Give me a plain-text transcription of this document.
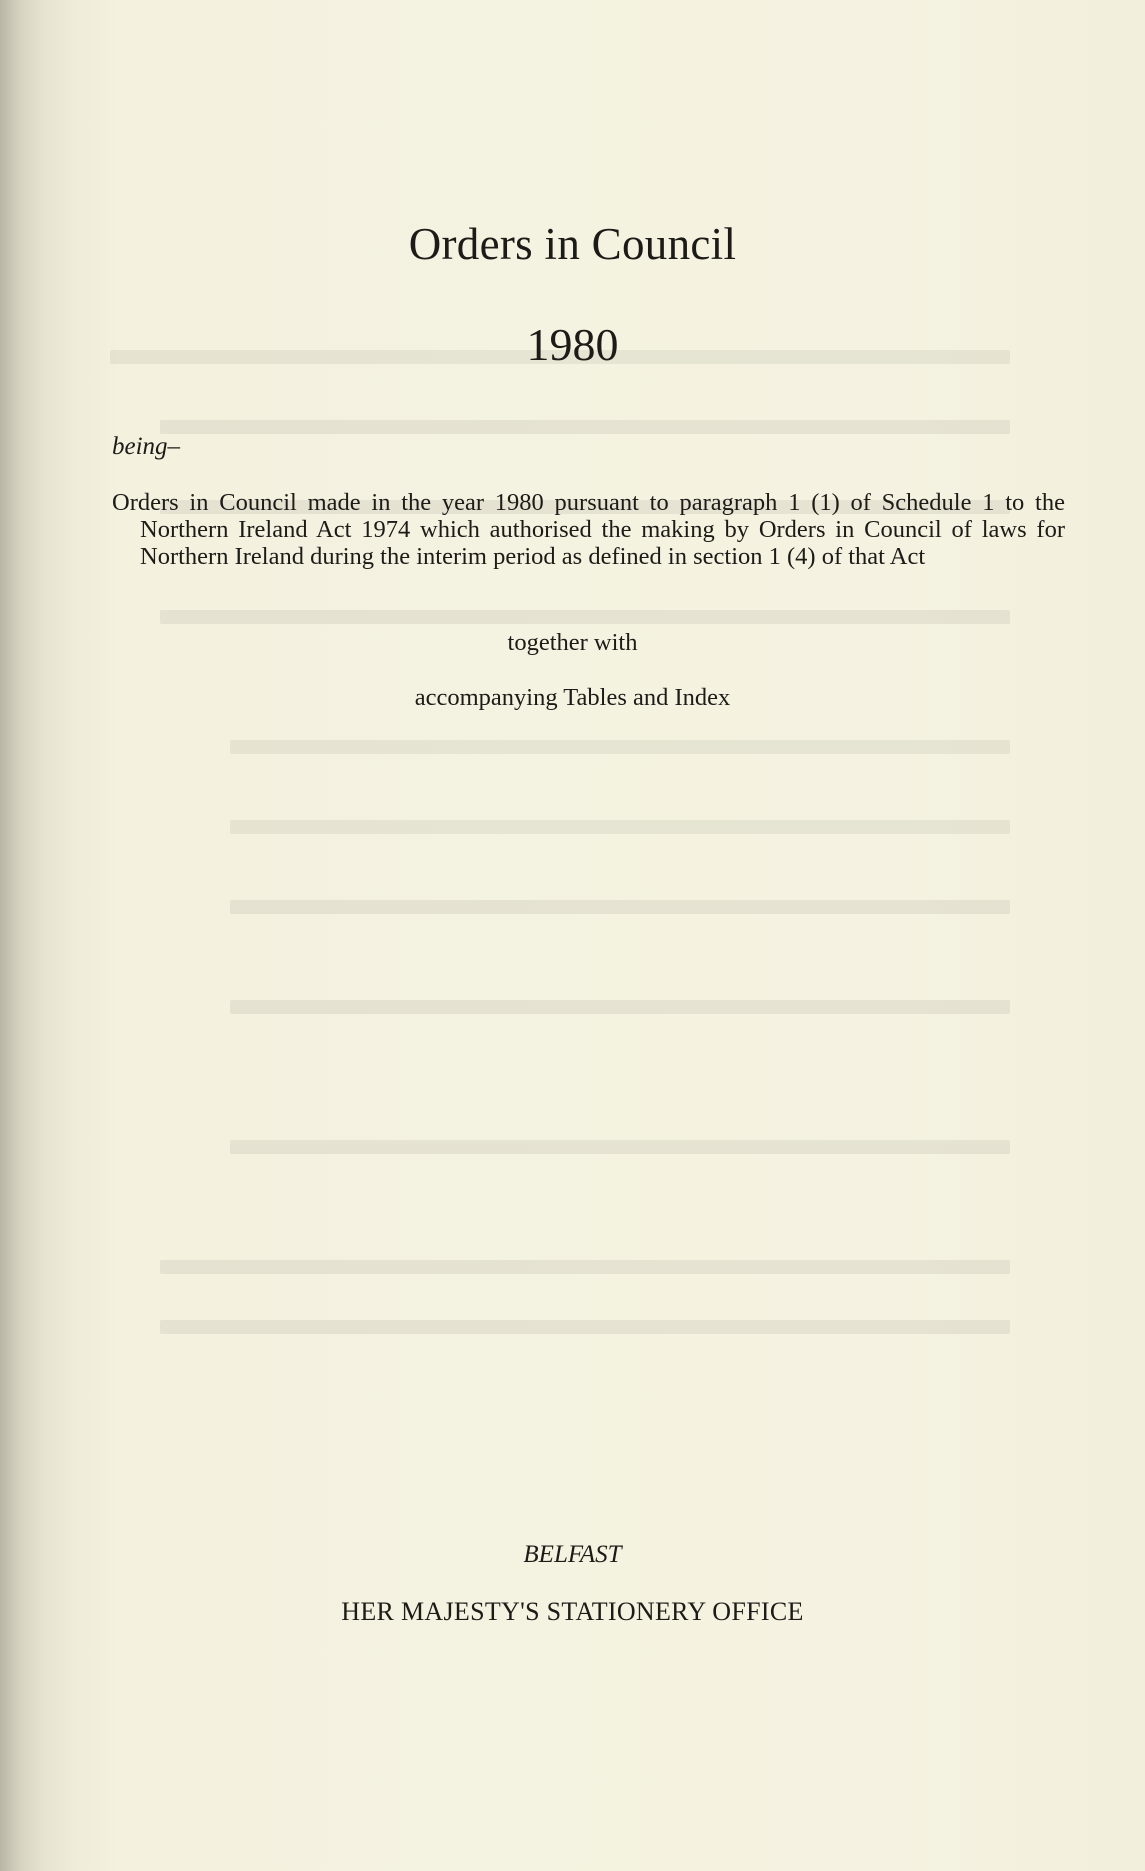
Orders in Council
1980
being–
Orders in Council made in the year 1980 pursuant to paragraph 1 (1) of Schedule 1 to the Northern Ireland Act 1974 which authorised the making by Orders in Council of laws for Northern Ireland during the interim period as defined in section 1 (4) of that Act
together with
accompanying Tables and Index
BELFAST
HER MAJESTY'S STATIONERY OFFICE
